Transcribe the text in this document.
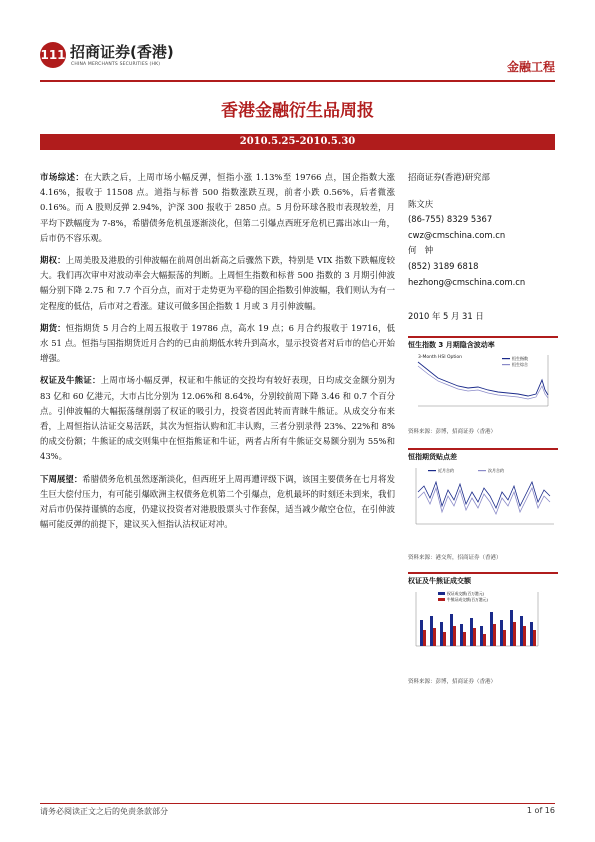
111 招商证券(香港)
CHINA MERCHANTS SECURITIES (HK)	金融工程
香港金融衍生品周报
2010.5.25-2010.5.30

市场综述：在大跌之后，上周市场小幅反弹，恒指小涨 1.13%至 19766 点，国企指数大涨 4.16%，报收于 11508 点。道指与标普 500 指数涨跌互现，前者小跌 0.56%，后者微涨 0.16%。而 A 股则反弹 2.94%，沪深 300 报收于 2850 点。5 月份环球各股市表现较差，月平均下跌幅度为 7-8%，希腊债务危机虽逐渐淡化，但第二引爆点西班牙危机已露出冰山一角，后市仍不容乐观。

期权：上周美股及港股的引伸波幅在前周创出新高之后骤然下跌，特别是 VIX 指数下跌幅度较大。我们再次审申对波动率会大幅振荡的判断。上周恒生指数和标普 500 指数的 3 月期引伸波幅分别下降 2.75 和 7.7 个百分点，而对于走势更为平稳的国企指数引伸波幅，我们则认为有一定程度的低估，后市对之看涨。建议可做多国企指数 1 月或 3 月引伸波幅。

期货：恒指期货 5 月合约上周五报收于 19786 点，高水 19 点；6 月合约报收于 19716，低水 51 点。恒指与国指期货近月合约的已由前期低水转升到高水，显示投资者对后市的信心开始增强。

权证及牛熊证：上周市场小幅反弹，权证和牛熊证的交投均有较好表现，日均成交金额分别为 83 亿和 60 亿港元，大市占比分别为 12.06%和 8.64%，分别较前周下降 3.46 和 0.7 个百分点。引伸波幅的大幅振荡继削弱了权证的吸引力，投资者因此转而青睐牛熊证。从成交分布来看，上周恒指认沽证交易活跃，其次为恒指认购和汇丰认购，三者分别录得 23%、22%和 8%的成交份额；牛熊证的成交则集中在恒指熊证和牛证，两者占所有牛熊证交易额分别为 55%和 43%。

下周展望：希腊债务危机虽然逐渐淡化，但西班牙上周再遭评级下调，该国主要债务在七月将发生巨大偿付压力，有可能引爆欧洲主权债务危机第二个引爆点，危机最坏的时刻还未到来，我们对后市仍保持谨慎的态度，仍建议投资者对港股股票头寸作套保，适当减少敞空仓位，在引伸波幅可能反弹的前提下，建议买入恒指认沽权证对冲。

招商证券(香港)研究部
陈文庆
(86-755) 8329 5367
cwz@cmschina.com.cn
何　钟
(852) 3189 6818
hezhong@cmschina.com.cn
2010 年 5 月 31 日
恒生指数 3 月期隐含波动率
3-Month HSI Option	恒生指数
恒生综合
资料来源：彭博，招商证券（香港）
恒指期货贴点差
近月合约	次月合约
资料来源：港交所，招商证券（香港）
权证及牛熊证成交额
权证成交额(百万港元)
牛熊证成交额(百万港元)
资料来源：彭博，招商证券（香港）
请务必阅读正文之后的免责条款部分	1 of 16
